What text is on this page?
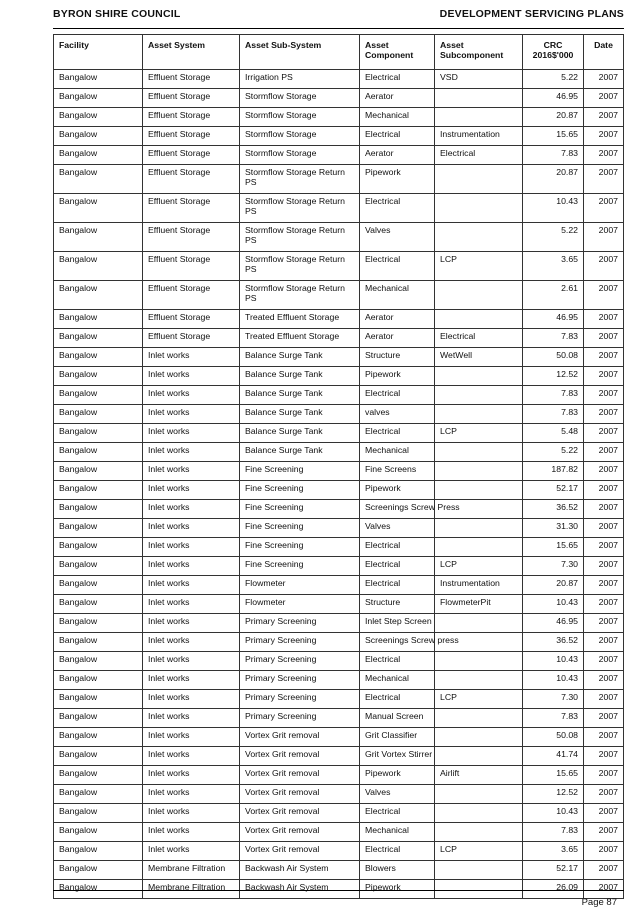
BYRON SHIRE COUNCIL	DEVELOPMENT SERVICING PLANS
Facility	Asset System	Asset Sub-System	Asset Component	Asset Subcomponent	CRC 2016$'000	Date
Bangalow	Effluent Storage	Irrigation PS	Electrical	VSD	5.22	2007
Bangalow	Effluent Storage	Stormflow Storage	Aerator		46.95	2007
Bangalow	Effluent Storage	Stormflow Storage	Mechanical		20.87	2007
Bangalow	Effluent Storage	Stormflow Storage	Electrical	Instrumentation	15.65	2007
Bangalow	Effluent Storage	Stormflow Storage	Aerator	Electrical	7.83	2007
Bangalow	Effluent Storage	Stormflow Storage Return PS	Pipework		20.87	2007
Bangalow	Effluent Storage	Stormflow Storage Return PS	Electrical		10.43	2007
Bangalow	Effluent Storage	Stormflow Storage Return PS	Valves		5.22	2007
Bangalow	Effluent Storage	Stormflow Storage Return PS	Electrical	LCP	3.65	2007
Bangalow	Effluent Storage	Stormflow Storage Return PS	Mechanical		2.61	2007
Bangalow	Effluent Storage	Treated Effluent Storage	Aerator		46.95	2007
Bangalow	Effluent Storage	Treated Effluent Storage	Aerator	Electrical	7.83	2007
Bangalow	Inlet works	Balance Surge Tank	Structure	WetWell	50.08	2007
Bangalow	Inlet works	Balance Surge Tank	Pipework		12.52	2007
Bangalow	Inlet works	Balance Surge Tank	Electrical		7.83	2007
Bangalow	Inlet works	Balance Surge Tank	valves		7.83	2007
Bangalow	Inlet works	Balance Surge Tank	Electrical	LCP	5.48	2007
Bangalow	Inlet works	Balance Surge Tank	Mechanical		5.22	2007
Bangalow	Inlet works	Fine Screening	Fine Screens		187.82	2007
Bangalow	Inlet works	Fine Screening	Pipework		52.17	2007
Bangalow	Inlet works	Fine Screening	Screenings Screw Press		36.52	2007
Bangalow	Inlet works	Fine Screening	Valves		31.30	2007
Bangalow	Inlet works	Fine Screening	Electrical		15.65	2007
Bangalow	Inlet works	Fine Screening	Electrical	LCP	7.30	2007
Bangalow	Inlet works	Flowmeter	Electrical	Instrumentation	20.87	2007
Bangalow	Inlet works	Flowmeter	Structure	FlowmeterPit	10.43	2007
Bangalow	Inlet works	Primary Screening	Inlet Step Screen		46.95	2007
Bangalow	Inlet works	Primary Screening	Screenings Screw press		36.52	2007
Bangalow	Inlet works	Primary Screening	Electrical		10.43	2007
Bangalow	Inlet works	Primary Screening	Mechanical		10.43	2007
Bangalow	Inlet works	Primary Screening	Electrical	LCP	7.30	2007
Bangalow	Inlet works	Primary Screening	Manual Screen		7.83	2007
Bangalow	Inlet works	Vortex Grit removal	Grit Classifier		50.08	2007
Bangalow	Inlet works	Vortex Grit removal	Grit Vortex Stirrer		41.74	2007
Bangalow	Inlet works	Vortex Grit removal	Pipework	Airlift	15.65	2007
Bangalow	Inlet works	Vortex Grit removal	Valves		12.52	2007
Bangalow	Inlet works	Vortex Grit removal	Electrical		10.43	2007
Bangalow	Inlet works	Vortex Grit removal	Mechanical		7.83	2007
Bangalow	Inlet works	Vortex Grit removal	Electrical	LCP	3.65	2007
Bangalow	Membrane Filtration	Backwash Air System	Blowers		52.17	2007
Bangalow	Membrane Filtration	Backwash Air System	Pipework		26.09	2007
Page 87
